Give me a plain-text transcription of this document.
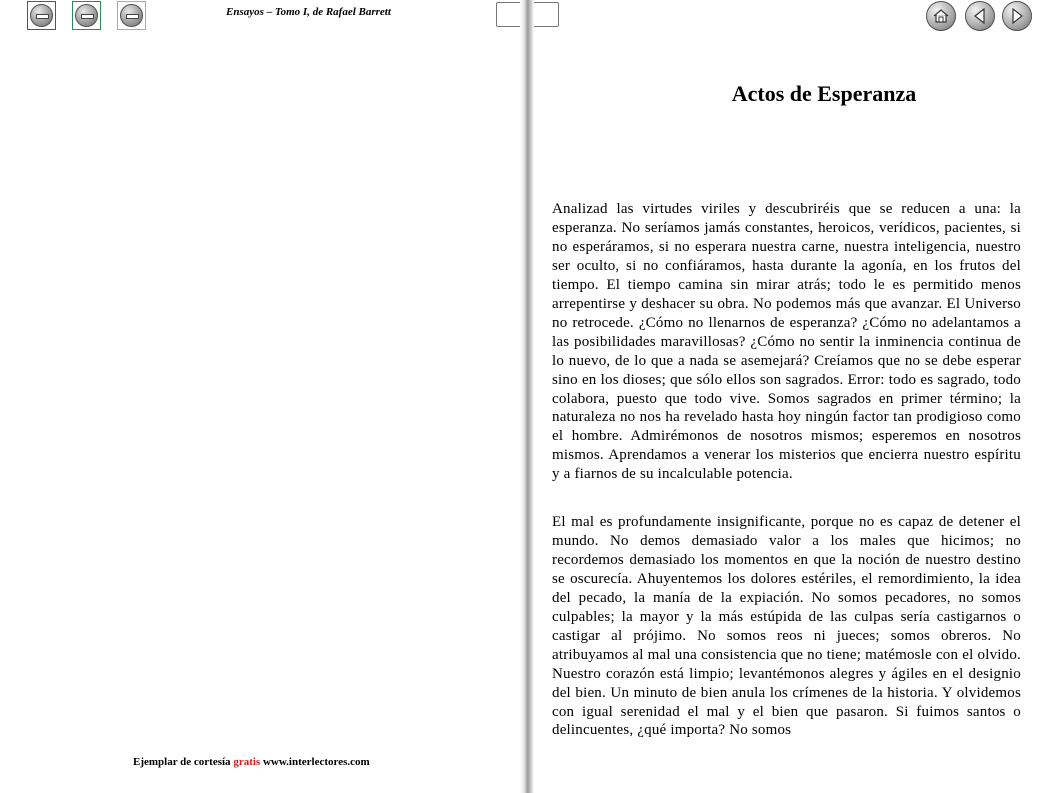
Ensayos – Tomo I, de Rafael Barrett
Ejemplar de cortesía gratis www.interlectores.com
Actos de Esperanza

Analizad las virtudes viriles y descubriréis que se reducen a una: la esperanza. No seríamos jamás constantes, heroicos, verídicos, pacientes, si no esperáramos, si no esperara nuestra carne, nuestra inteligencia, nuestro ser oculto, si no confiáramos, hasta durante la agonía, en los frutos del tiempo. El tiempo camina sin mirar atrás; todo le es permitido menos arrepentirse y deshacer su obra. No podemos más que avanzar. El Universo no retrocede. ¿Cómo no llenarnos de esperanza? ¿Cómo no adelantamos a las posibilidades maravillosas? ¿Cómo no sentir la inminencia continua de lo nuevo, de lo que a nada se asemejará? Creíamos que no se debe esperar sino en los dioses; que sólo ellos son sagrados. Error: todo es sagrado, todo colabora, puesto que todo vive. Somos sagrados en primer término; la naturaleza no nos ha revelado hasta hoy ningún factor tan prodigioso como el hombre. Admirémonos de nosotros mismos; esperemos en nosotros mismos. Aprendamos a venerar los misterios que encierra nuestro espíritu y a fiarnos de su incalculable potencia.

El mal es profundamente insignificante, porque no es capaz de detener el mundo. No demos demasiado valor a los males que hicimos; no recordemos demasiado los momentos en que la noción de nuestro destino se oscurecía. Ahuyentemos los dolores estériles, el remordimiento, la idea del pecado, la manía de la expiación. No somos pecadores, no somos culpables; la mayor y la más estúpida de las culpas sería castigarnos o castigar al prójimo. No somos reos ni jueces; somos obreros. No atribuyamos al mal una consistencia que no tiene; matémosle con el olvido. Nuestro corazón está limpio; levantémonos alegres y ágiles en el designio del bien. Un minuto de bien anula los crímenes de la historia. Y olvidemos con igual serenidad el mal y el bien que pasaron. Si fuimos santos o delincuentes, ¿qué importa? No somos
